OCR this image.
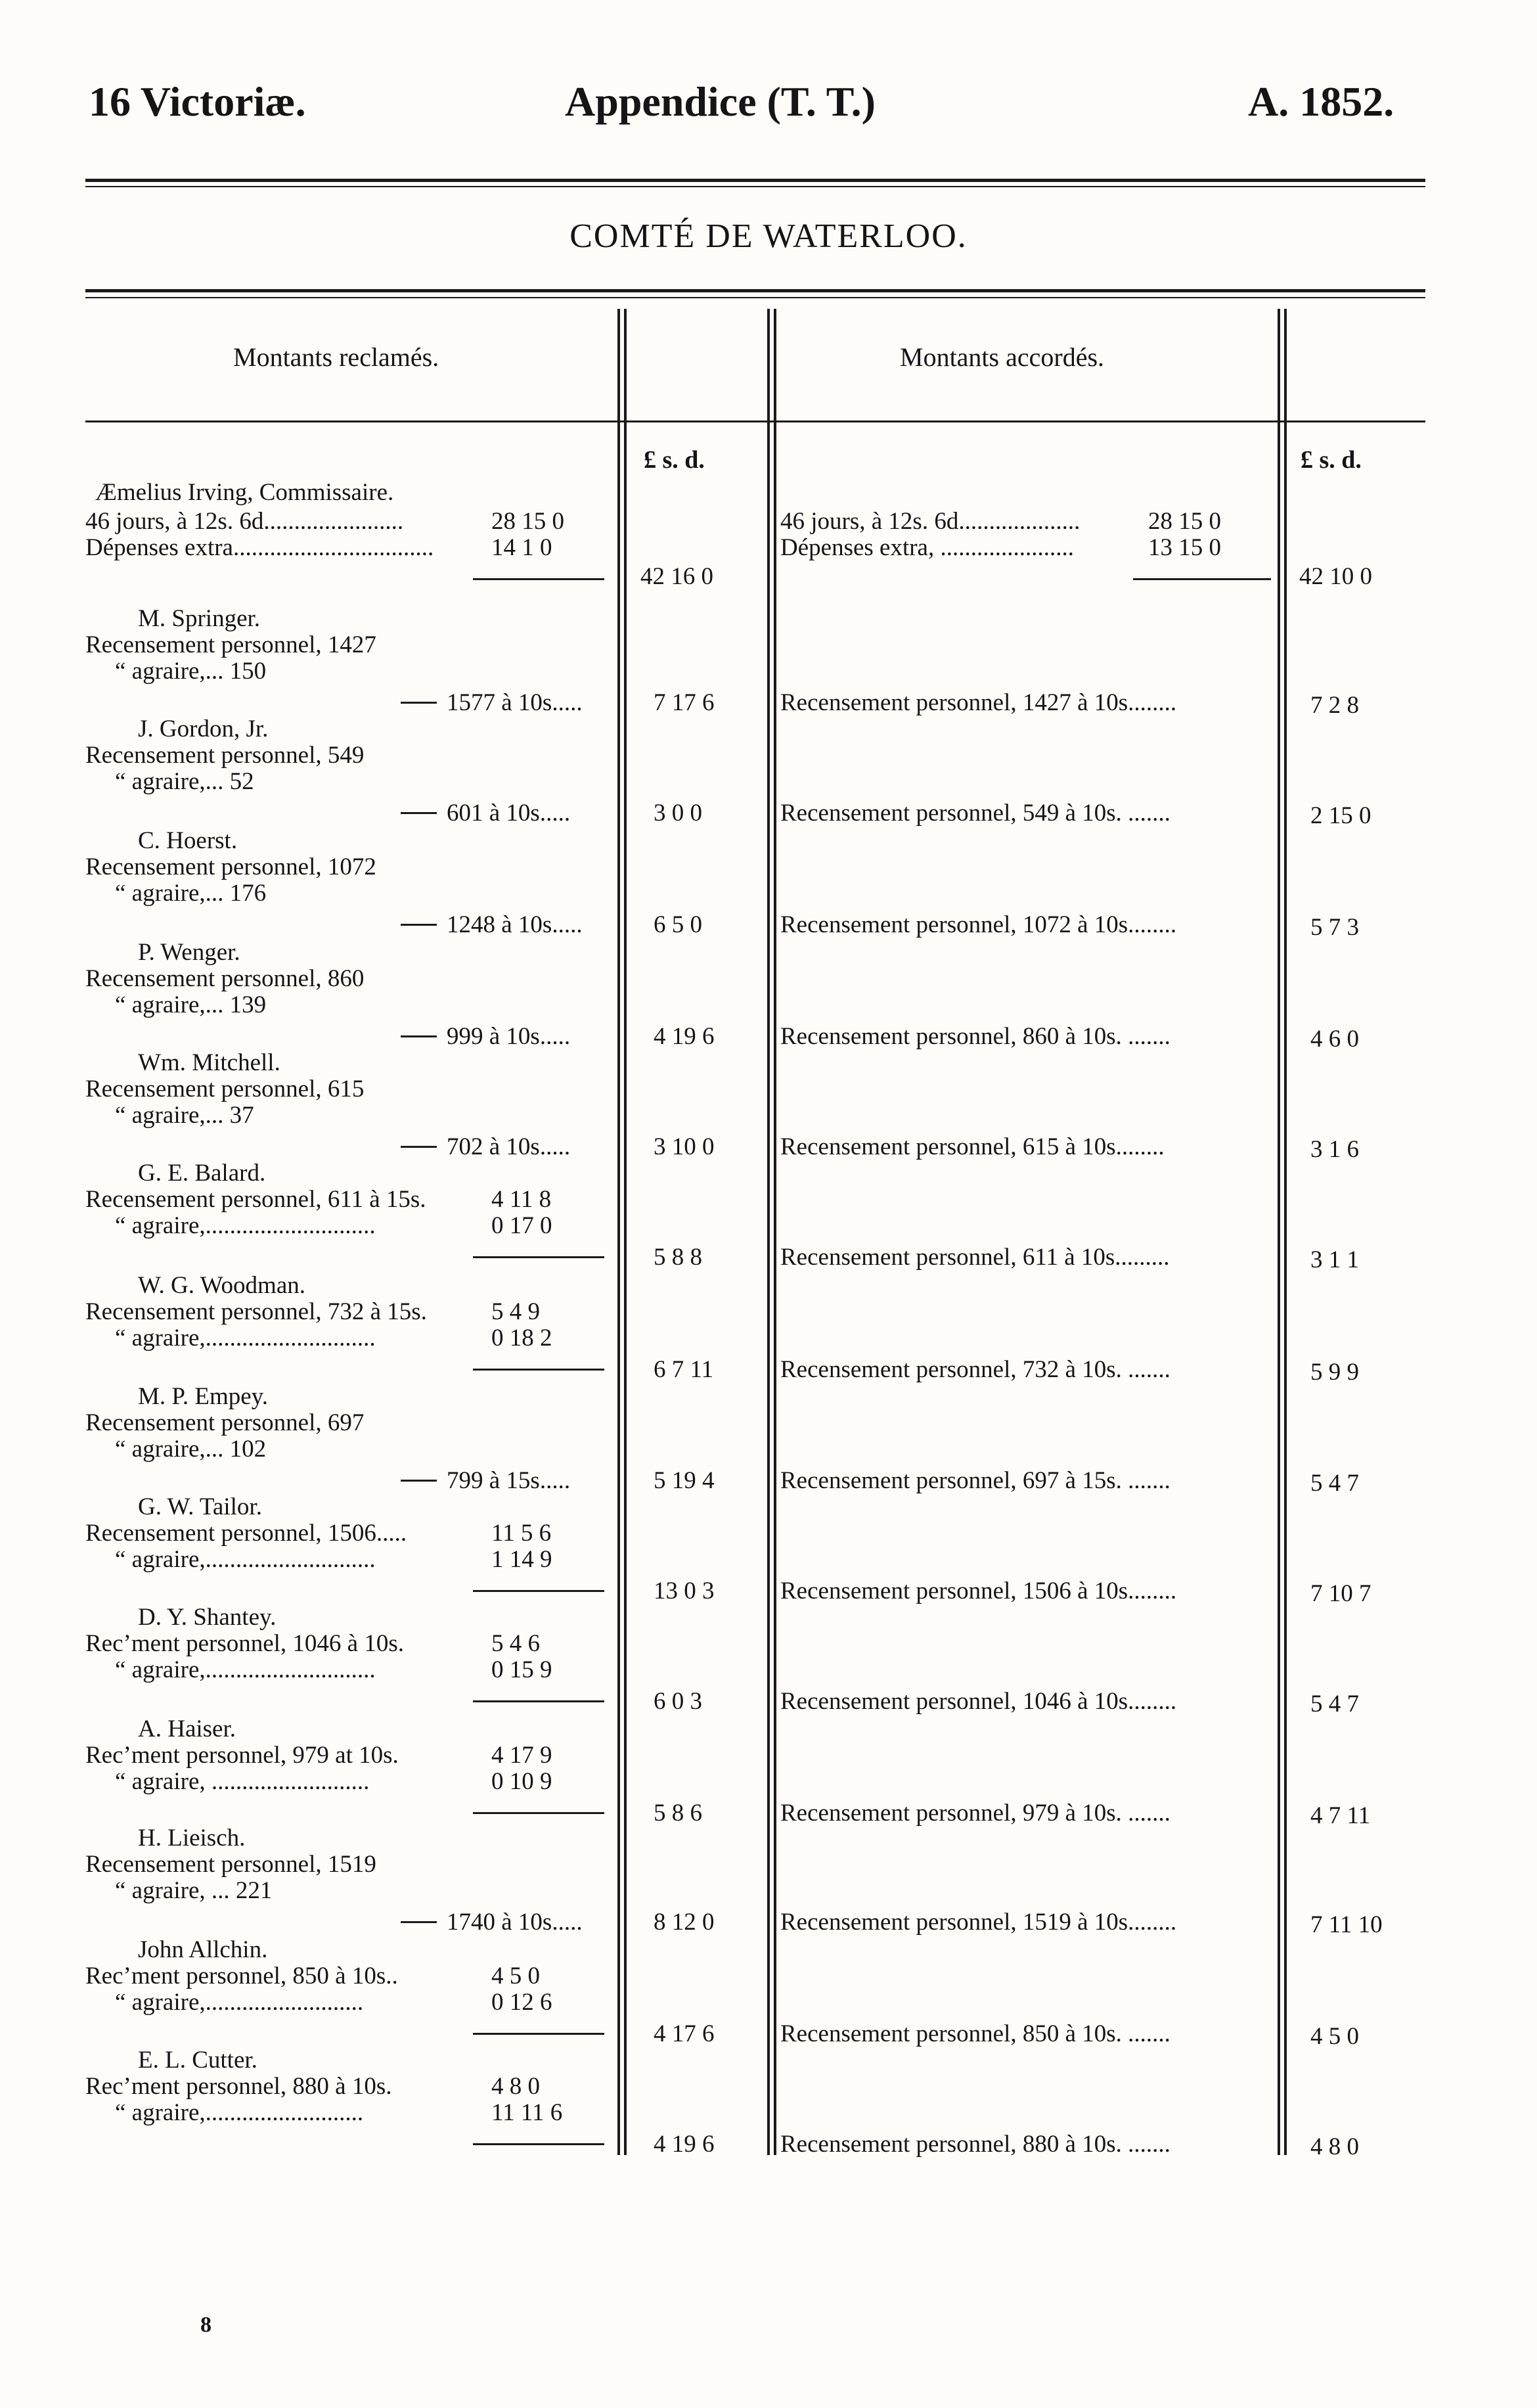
16 Victoriæ.	Appendice (T. T.)	A. 1852.
COMTÉ DE WATERLOO.
Montants reclamés.	Montants accordés.
£ s. d.	£ s. d.
Æmelius Irving, Commissaire.
46 jours, à 12s. 6d.......................	28 15 0
Dépenses extra................................. 14 1 0
42 16 0
46 jours, à 12s. 6d....................	28 15 0
Dépenses extra, ......................	13 15 0
42 10 0
M. Springer.
Recensement personnel, 1427
“ agraire,... 150
1577 à 10s.....	7 17 6	Recensement personnel, 1427 à 10s........	7 2 8
J. Gordon, Jr.
Recensement personnel, 549
“ agraire,... 52
601 à 10s.....	3 0 0	Recensement personnel, 549 à 10s. .......	2 15 0
C. Hoerst.
Recensement personnel, 1072
“ agraire,... 176
1248 à 10s.....	6 5 0	Recensement personnel, 1072 à 10s........	5 7 3
P. Wenger.
Recensement personnel, 860
“ agraire,... 139
999 à 10s.....	4 19 6	Recensement personnel, 860 à 10s. .......	4 6 0
Wm. Mitchell.
Recensement personnel, 615
“ agraire,... 37
702 à 10s.....	3 10 0	Recensement personnel, 615 à 10s........	3 1 6
G. E. Balard.
Recensement personnel, 611 à 15s.
“ agraire,............................
4 11 8
0 17 0
5 8 8	Recensement personnel, 611 à 10s.........	3 1 1
W. G. Woodman.
Recensement personnel, 732 à 15s.
“ agraire,............................
5 4 9
0 18 2
6 7 11	Recensement personnel, 732 à 10s. .......	5 9 9
M. P. Empey.
Recensement personnel, 697
“ agraire,... 102
799 à 15s.....	5 19 4	Recensement personnel, 697 à 15s. .......	5 4 7
G. W. Tailor.
Recensement personnel, 1506.....
“ agraire,............................
11 5 6
1 14 9
13 0 3	Recensement personnel, 1506 à 10s........	7 10 7
D. Y. Shantey.
Rec’ment personnel, 1046 à 10s.
“ agraire,............................
5 4 6
0 15 9
6 0 3	Recensement personnel, 1046 à 10s........	5 4 7
A. Haiser.
Rec’ment personnel, 979 at 10s.
“ agraire, ..........................
4 17 9
0 10 9
5 8 6	Recensement personnel, 979 à 10s. .......	4 7 11
H. Lieisch.
Recensement personnel, 1519
“ agraire, ... 221
1740 à 10s.....	8 12 0	Recensement personnel, 1519 à 10s........	7 11 10
John Allchin.
Rec’ment personnel, 850 à 10s..
“ agraire,..........................
4 5 0
0 12 6
4 17 6	Recensement personnel, 850 à 10s. .......	4 5 0
E. L. Cutter.
Rec’ment personnel, 880 à 10s.
“ agraire,..........................
4 8 0
11 11 6
4 19 6	Recensement personnel, 880 à 10s. .......	4 8 0
8
